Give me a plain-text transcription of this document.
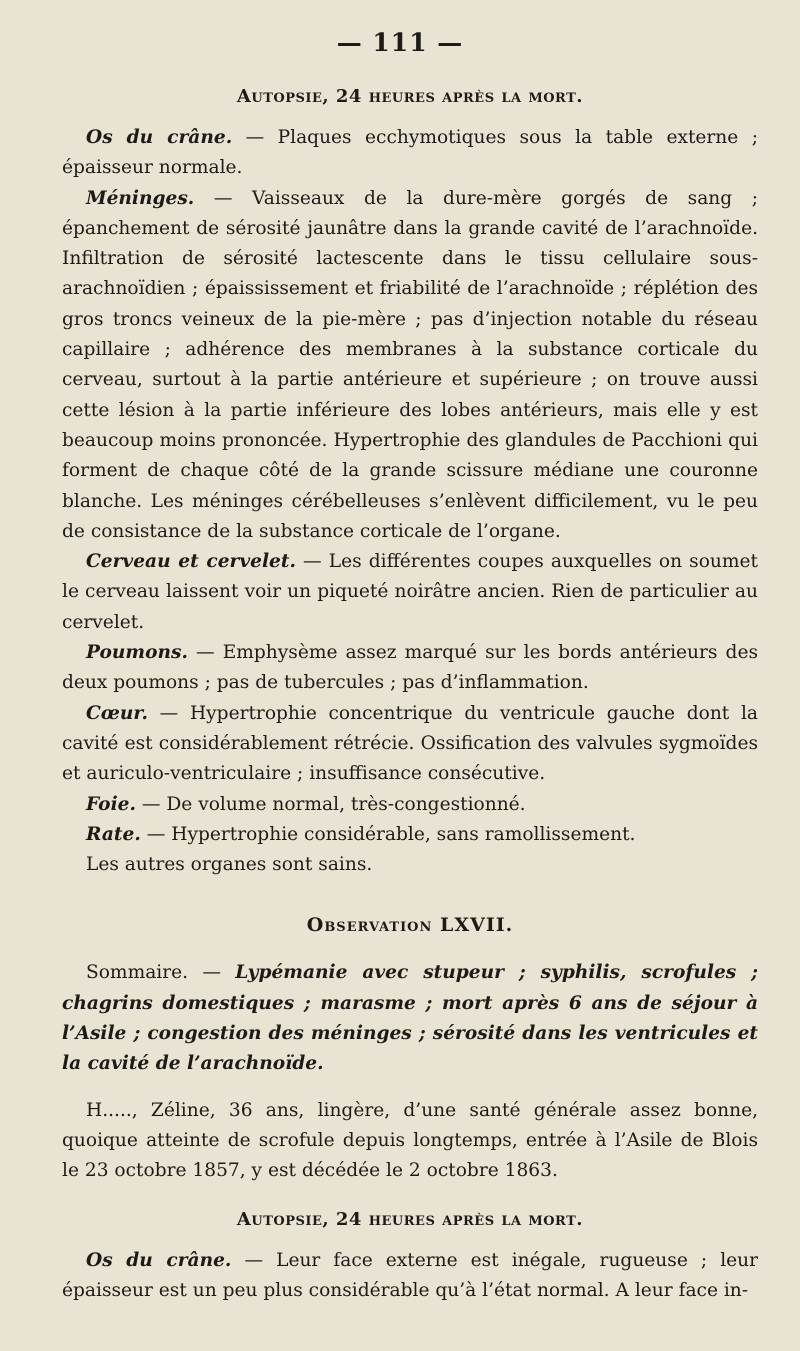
— 111 —
Autopsie, 24 heures après la mort.

Os du crâne. — Plaques ecchymotiques sous la table externe ; épaisseur normale.

Méninges. — Vaisseaux de la dure-mère gorgés de sang ; épanchement de sérosité jaunâtre dans la grande cavité de l’arachnoïde. Infiltration de sérosité lactescente dans le tissu cellulaire sous-arachnoïdien ; épaississement et friabilité de l’arachnoïde ; réplétion des gros troncs veineux de la pie-mère ; pas d’injection notable du réseau capillaire ; adhérence des membranes à la substance corticale du cerveau, surtout à la partie antérieure et supérieure ; on trouve aussi cette lésion à la partie inférieure des lobes antérieurs, mais elle y est beaucoup moins prononcée. Hypertrophie des glandules de Pacchioni qui forment de chaque côté de la grande scissure médiane une couronne blanche. Les méninges cérébelleuses s’enlèvent difficilement, vu le peu de consistance de la substance corticale de l’organe.

Cerveau et cervelet. — Les différentes coupes auxquelles on soumet le cerveau laissent voir un piqueté noirâtre ancien. Rien de particulier au cervelet.

Poumons. — Emphysème assez marqué sur les bords antérieurs des deux poumons ; pas de tubercules ; pas d’inflammation.

Cœur. — Hypertrophie concentrique du ventricule gauche dont la cavité est considérablement rétrécie. Ossification des valvules sygmoïdes et auriculo-ventriculaire ; insuffisance consécutive.

Foie. — De volume normal, très-congestionné.

Rate. — Hypertrophie considérable, sans ramollissement.

Les autres organes sont sains.

Observation LXVII.

Sommaire. — Lypémanie avec stupeur ; syphilis, scrofules ; chagrins domestiques ; marasme ; mort après 6 ans de séjour à l’Asile ; congestion des méninges ; sérosité dans les ventricules et la cavité de l’arachnoïde.

H....., Zéline, 36 ans, lingère, d’une santé générale assez bonne, quoique atteinte de scrofule depuis longtemps, entrée à l’Asile de Blois le 23 octobre 1857, y est décédée le 2 octobre 1863.

Autopsie, 24 heures après la mort.

Os du crâne. — Leur face externe est inégale, rugueuse ; leur épaisseur est un peu plus considérable qu’à l’état normal. A leur face in-
